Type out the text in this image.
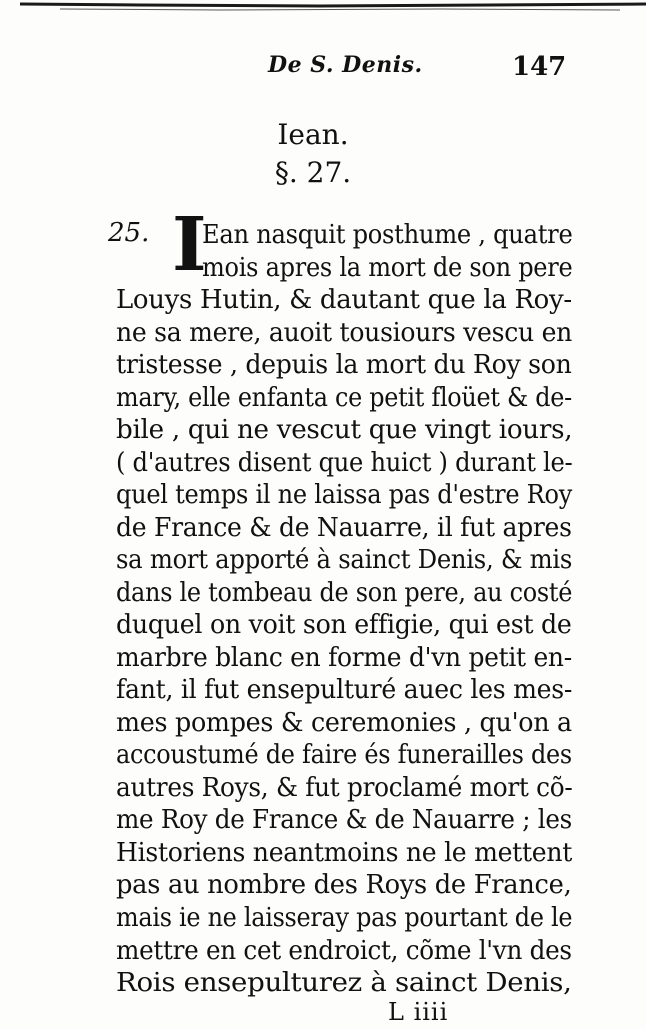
De S. Denis.	147
Iean.
§. 27.
25. I
Ean nasquit posthume , quatre
mois apres la mort de son pere
Louys Hutin, & dautant que la Roy-
ne sa mere, auoit tousiours vescu en
tristesse , depuis la mort du Roy son
mary, elle enfanta ce petit floüet & de-
bile , qui ne vescut que vingt iours,
( d'autres disent que huict ) durant le-
quel temps il ne laissa pas d'estre Roy
de France & de Nauarre, il fut apres
sa mort apporté à sainct Denis, & mis
dans le tombeau de son pere, au costé
duquel on voit son effigie, qui est de
marbre blanc en forme d'vn petit en-
fant, il fut ensepulturé auec les mes-
mes pompes & ceremonies , qu'on a
accoustumé de faire és funerailles des
autres Roys, & fut proclamé mort cõ-
me Roy de France & de Nauarre ; les
Historiens neantmoins ne le mettent
pas au nombre des Roys de France,
mais ie ne laisseray pas pourtant de le
mettre en cet endroict, cõme l'vn des
Rois ensepulturez à sainct Denis,
L iiii
